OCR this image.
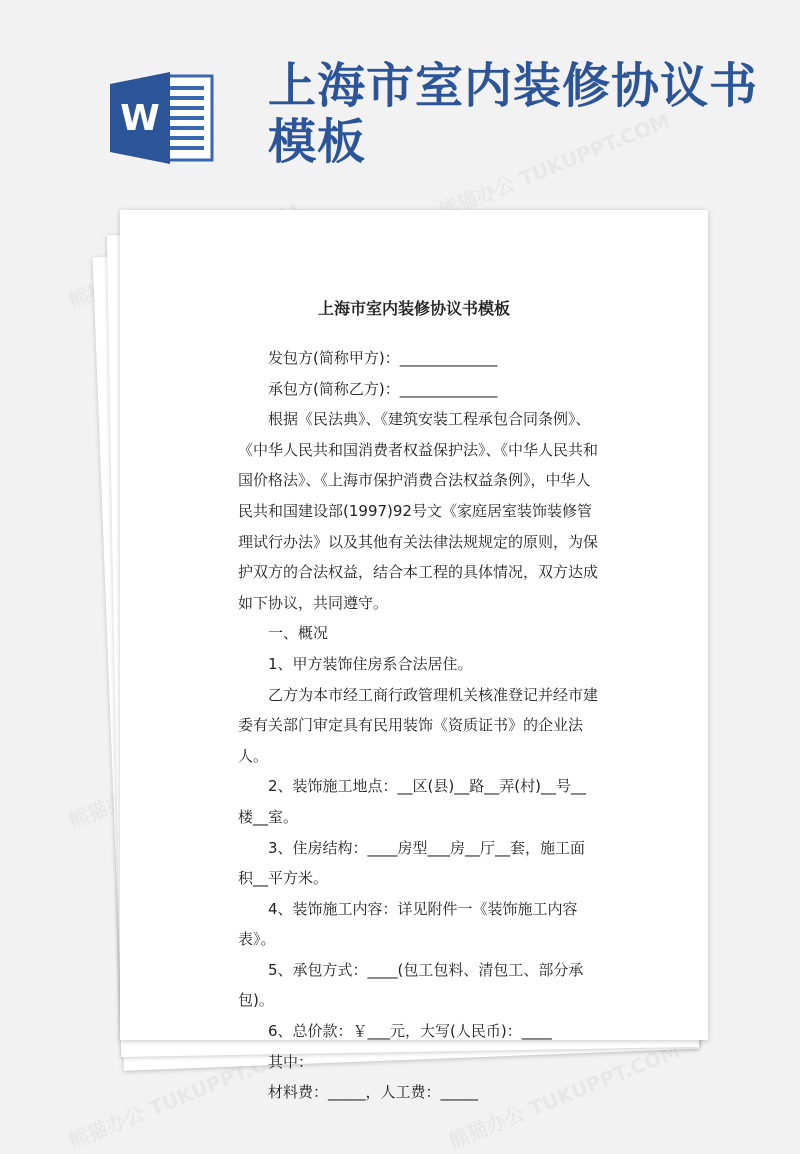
W
上海市室内装修协议书
模板
上海市室内装修协议书模板

发包方(简称甲方)：_____________

承包方(简称乙方)：_____________

根据《民法典》、《建筑安装工程承包合同条例》、《中华人民共和国消费者权益保护法》、《中华人民共和国价格法》、《上海市保护消费合法权益条例》，中华人民共和国建设部(1997)92号文《家庭居室装饰装修管理试行办法》以及其他有关法律法规规定的原则，为保护双方的合法权益，结合本工程的具体情况，双方达成如下协议，共同遵守。

一、概况

1、甲方装饰住房系合法居住。

乙方为本市经工商行政管理机关核准登记并经市建委有关部门审定具有民用装饰《资质证书》的企业法人。

2、装饰施工地点：__区(县)__路__弄(村)__号__楼__室。

3、住房结构：____房型___房__厅__套，施工面积__平方米。

4、装饰施工内容：详见附件一《装饰施工内容表》。

5、承包方式：____(包工包料、清包工、部分承包)。

6、总价款：￥___元，大写(人民币)：____

其中：

材料费：_____，人工费：_____
